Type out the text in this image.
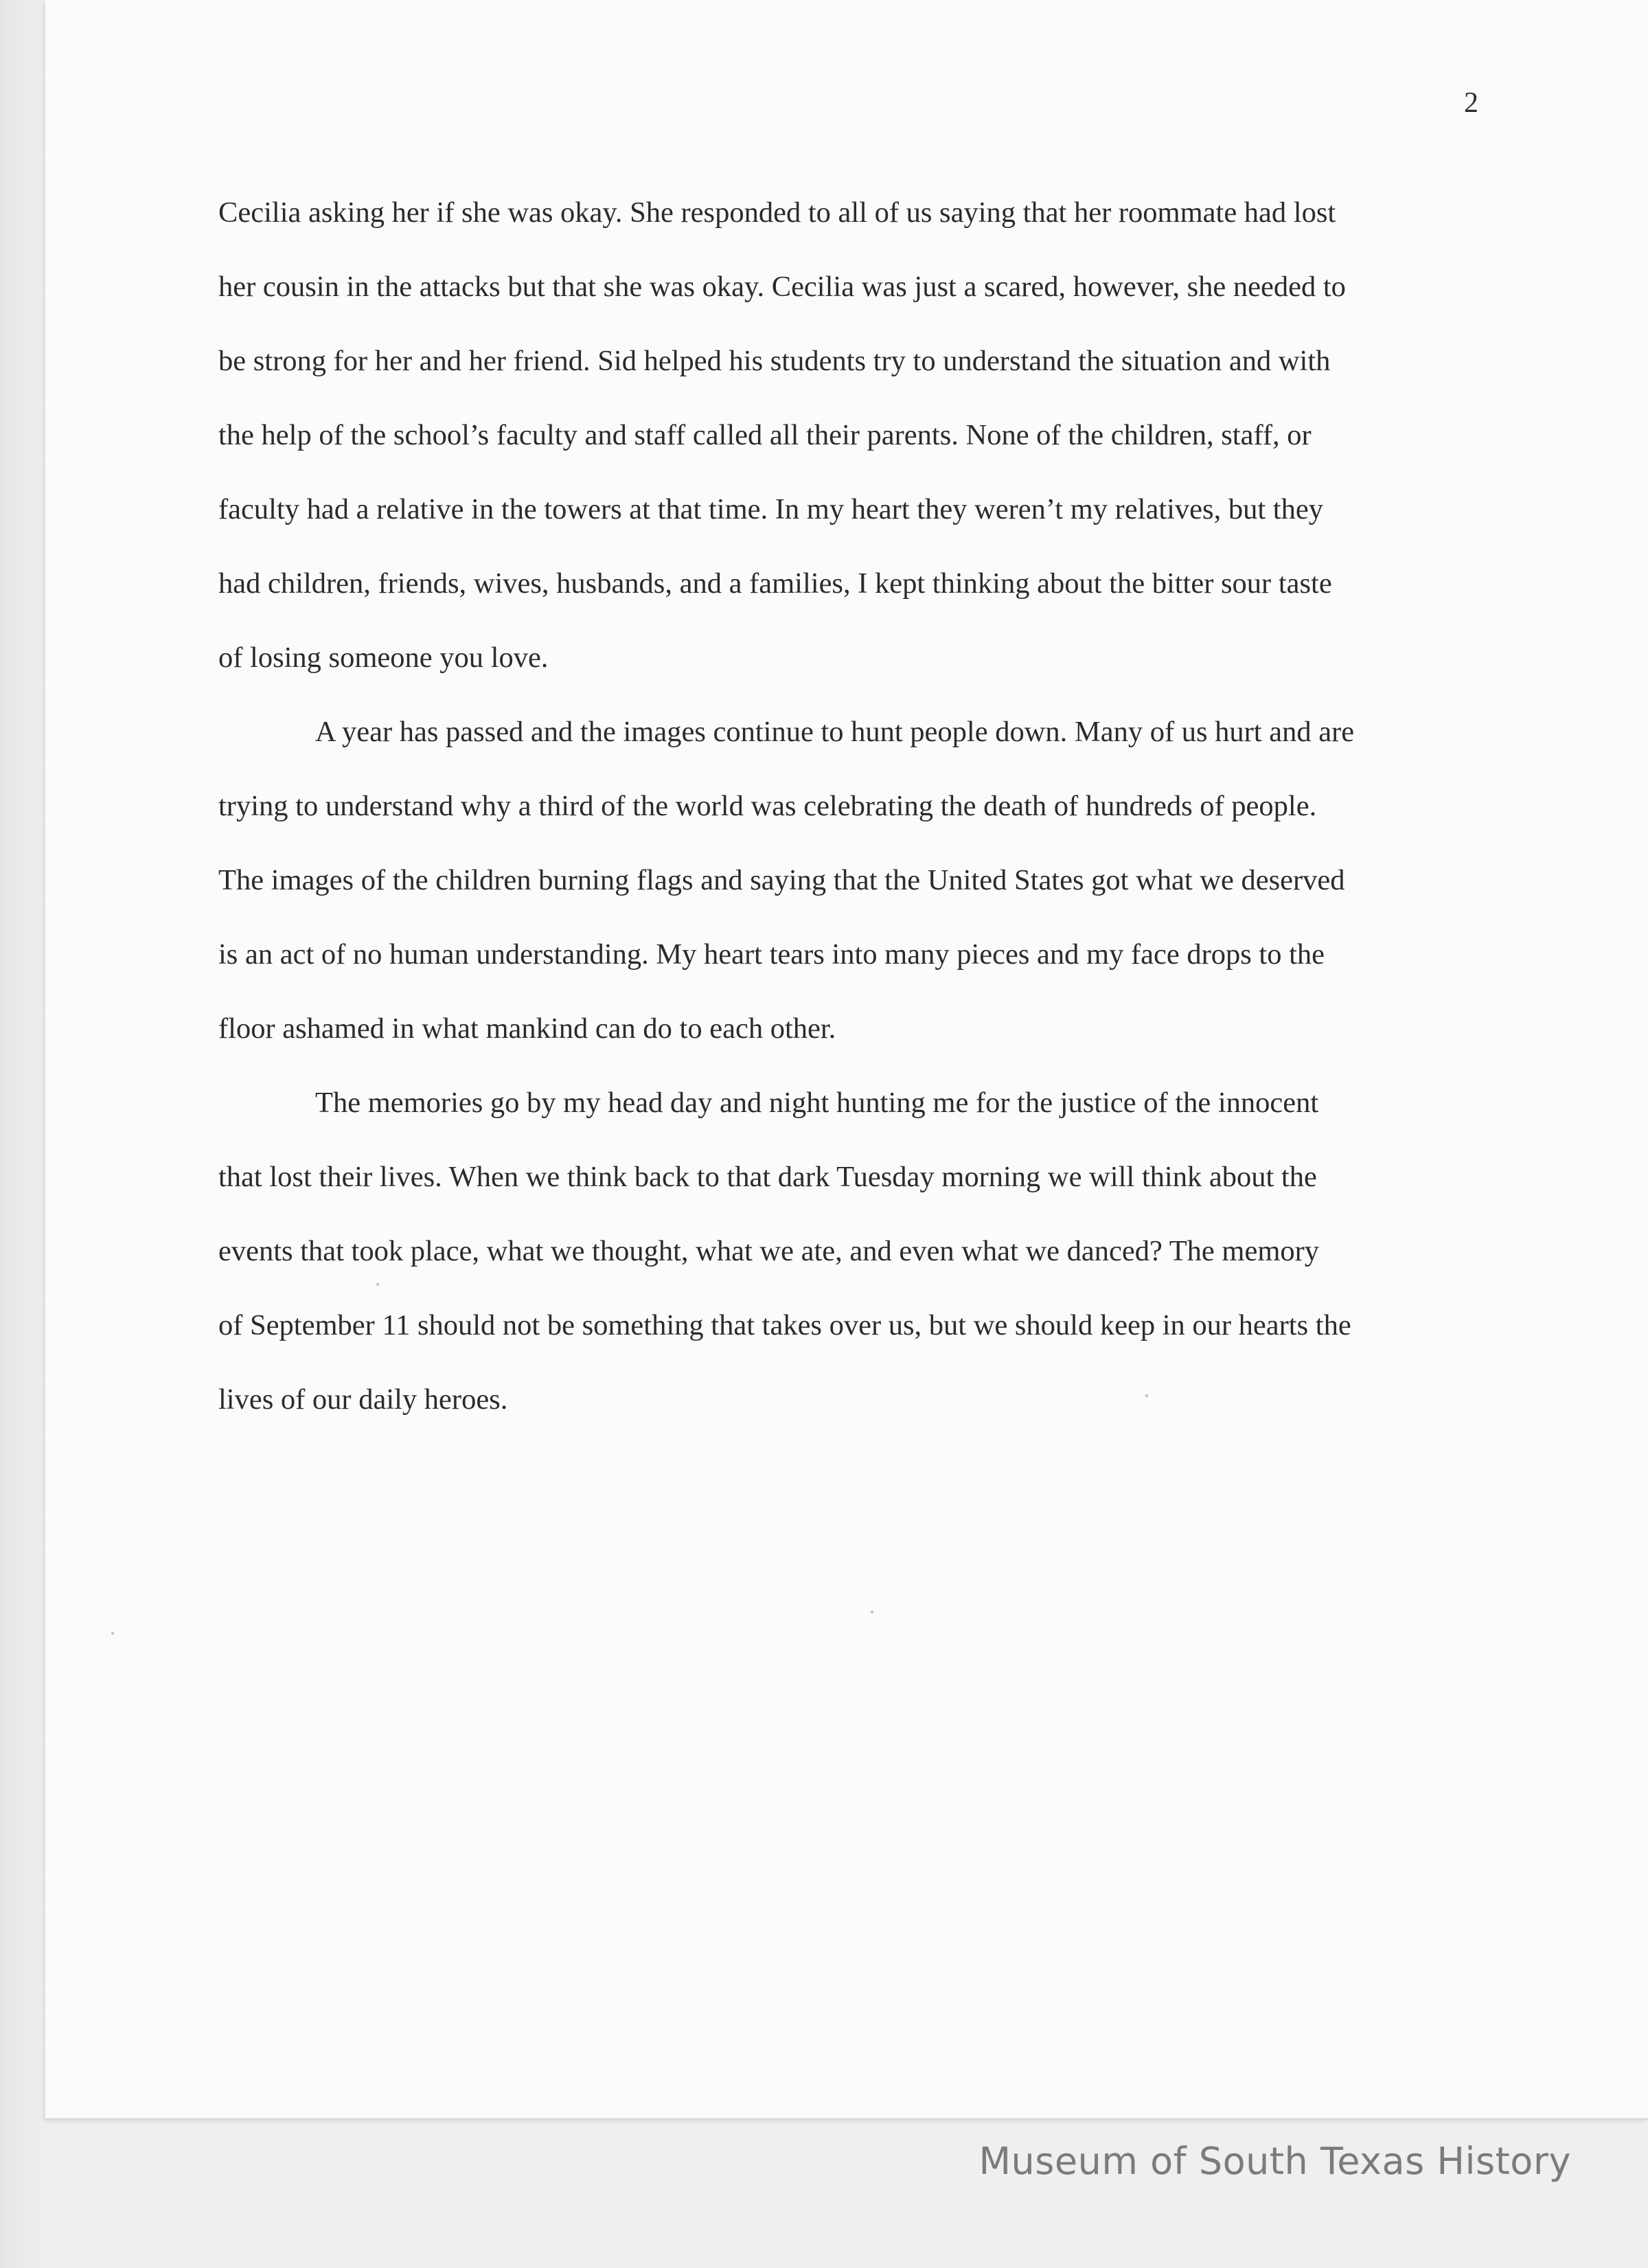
2

Cecilia asking her if she was okay. She responded to all of us saying that her roommate had lost
her cousin in the attacks but that she was okay. Cecilia was just a scared, however, she needed to
be strong for her and her friend. Sid helped his students try to understand the situation and with
the help of the school’s faculty and staff called all their parents. None of the children, staff, or
faculty had a relative in the towers at that time. In my heart they weren’t my relatives, but they
had children, friends, wives, husbands, and a families, I kept thinking about the bitter sour taste
of losing someone you love.

A year has passed and the images continue to hunt people down. Many of us hurt and are
trying to understand why a third of the world was celebrating the death of hundreds of people.
The images of the children burning flags and saying that the United States got what we deserved
is an act of no human understanding. My heart tears into many pieces and my face drops to the
floor ashamed in what mankind can do to each other.

The memories go by my head day and night hunting me for the justice of the innocent
that lost their lives. When we think back to that dark Tuesday morning we will think about the
events that took place, what we thought, what we ate, and even what we danced? The memory
of September 11 should not be something that takes over us, but we should keep in our hearts the
lives of our daily heroes.

Museum of South Texas History
